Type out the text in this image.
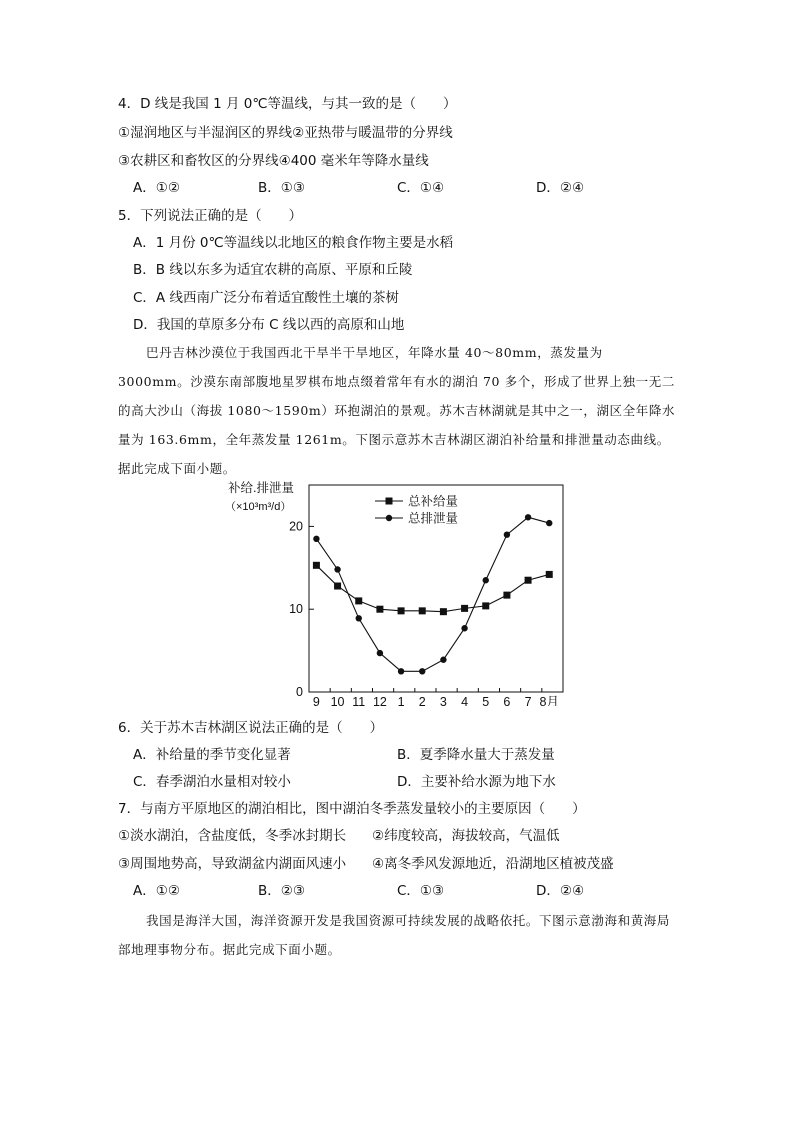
4．D 线是我国 1 月 0℃等温线，与其一致的是（　　）
①湿润地区与半湿润区的界线②亚热带与暖温带的分界线
③农耕区和畜牧区的分界线④400 毫米年等降水量线
A．①②	B．①③	C．①④	D．②④
5．下列说法正确的是（　　）
A．1 月份 0℃等温线以北地区的粮食作物主要是水稻
B．B 线以东多为适宜农耕的高原、平原和丘陵
C．A 线西南广泛分布着适宜酸性土壤的茶树
D．我国的草原多分布 C 线以西的高原和山地
巴丹吉林沙漠位于我国西北干旱半干旱地区，年降水量 40～80mm，蒸发量为 3000mm。沙漠东南部腹地星罗棋布地点缀着常年有水的湖泊 70 多个，形成了世界上独一无二的高大沙山（海拔 1080～1590m）环抱湖泊的景观。苏木吉林湖就是其中之一，湖区全年降水量为 163.6mm，全年蒸发量 1261m。下图示意苏木吉林湖区湖泊补给量和排泄量动态曲线。据此完成下面小题。
补给.排泄量
（×10³m³/d）
0
10
20
9 10 11 12 1 2 3 4 5 6 7 8月
总补给量
总排泄量
6．关于苏木吉林湖区说法正确的是（　　）
A．补给量的季节变化显著	B．夏季降水量大于蒸发量
C．春季湖泊水量相对较小	D．主要补给水源为地下水
7．与南方平原地区的湖泊相比，图中湖泊冬季蒸发量较小的主要原因（　　）
①淡水湖泊，含盐度低，冬季冰封期长 ②纬度较高，海拔较高，气温低
③周围地势高，导致湖盆内湖面风速小 ④离冬季风发源地近，沿湖地区植被茂盛
A．①②	B．②③	C．①③	D．②④
我国是海洋大国，海洋资源开发是我国资源可持续发展的战略依托。下图示意渤海和黄海局部地理事物分布。据此完成下面小题。
